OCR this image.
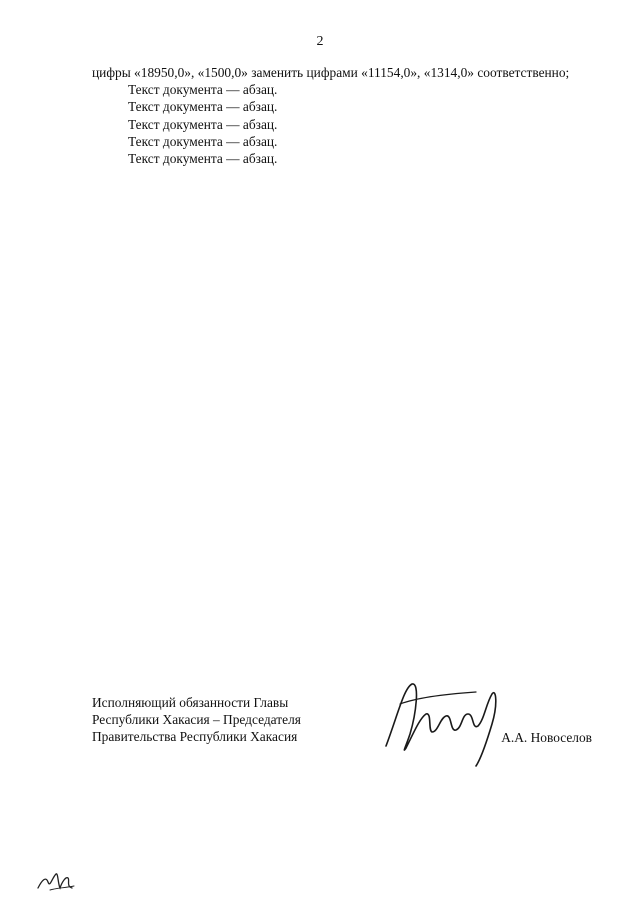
2

цифры «18950,0», «1500,0» заменить цифрами «11154,0», «1314,0» соответственно;

Текст документа — абзац.

Текст документа — абзац.

Текст документа — абзац.

Текст документа — абзац.

Текст документа — абзац.

Исполняющий обязанности Главы
Республики Хакасия – Председателя
Правительства Республики Хакасия	А.А. Новоселов
